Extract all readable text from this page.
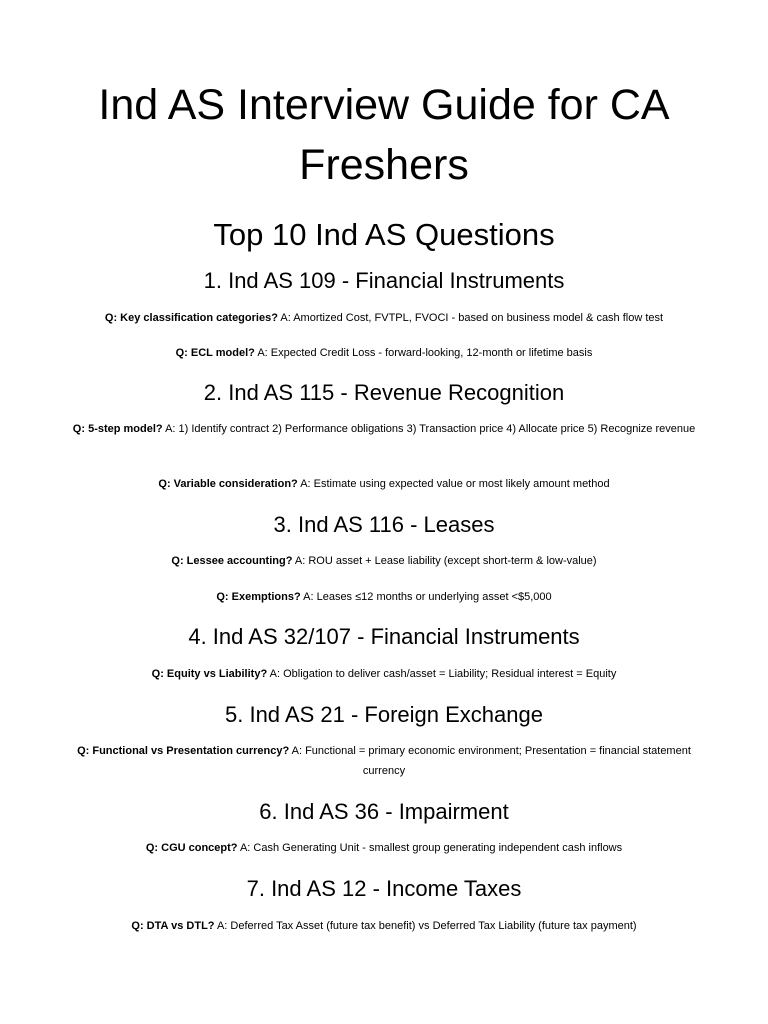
Ind AS Interview Guide for CA Freshers
Top 10 Ind AS Questions
1. Ind AS 109 - Financial Instruments

Q: Key classification categories? A: Amortized Cost, FVTPL, FVOCI - based on business model & cash flow test

Q: ECL model? A: Expected Credit Loss - forward-looking, 12-month or lifetime basis

2. Ind AS 115 - Revenue Recognition

Q: 5-step model? A: 1) Identify contract 2) Performance obligations 3) Transaction price 4) Allocate price 5) Recognize revenue

Q: Variable consideration? A: Estimate using expected value or most likely amount method

3. Ind AS 116 - Leases

Q: Lessee accounting? A: ROU asset + Lease liability (except short-term & low-value)

Q: Exemptions? A: Leases ≤12 months or underlying asset <$5,000

4. Ind AS 32/107 - Financial Instruments

Q: Equity vs Liability? A: Obligation to deliver cash/asset = Liability; Residual interest = Equity

5. Ind AS 21 - Foreign Exchange

Q: Functional vs Presentation currency? A: Functional = primary economic environment; Presentation = financial statement currency

6. Ind AS 36 - Impairment

Q: CGU concept? A: Cash Generating Unit - smallest group generating independent cash inflows

7. Ind AS 12 - Income Taxes

Q: DTA vs DTL? A: Deferred Tax Asset (future tax benefit) vs Deferred Tax Liability (future tax payment)
